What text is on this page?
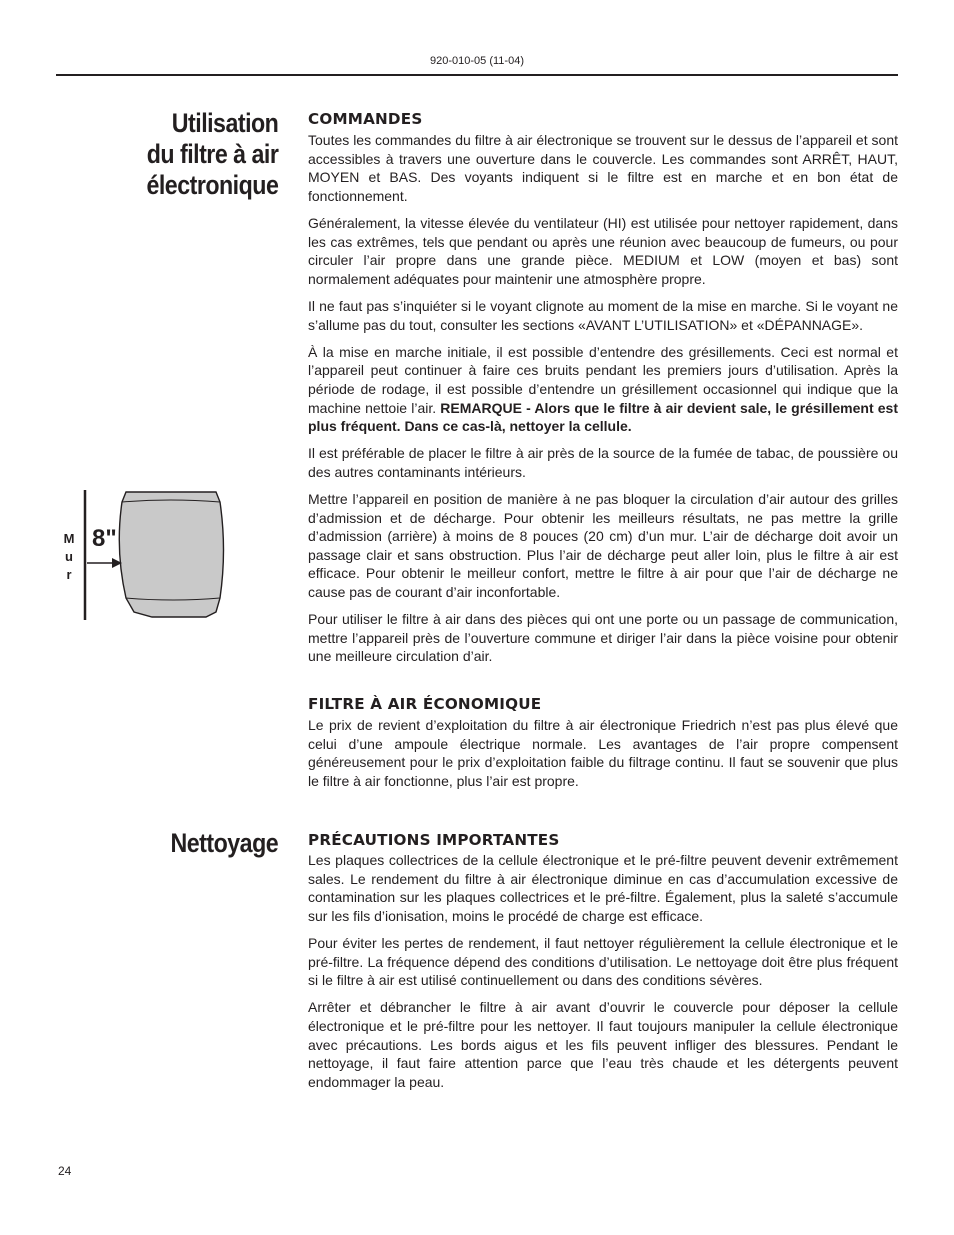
920-010-05 (11-04)
Utilisation
du filtre à air
électronique
Nettoyage
COMMANDES

Toutes les commandes du filtre à air électronique se trouvent sur le dessus de l’appareil et sont accessibles à travers une ouverture dans le couvercle. Les commandes sont ARRÊT, HAUT, MOYEN et BAS. Des voyants indiquent si le filtre est en marche et en bon état de fonctionnement.

Généralement, la vitesse élevée du ventilateur (HI) est utilisée pour nettoyer rapidement, dans les cas extrêmes, tels que pendant ou après une réunion avec beaucoup de fumeurs, ou pour circuler l’air propre dans une grande pièce. MEDIUM et LOW (moyen et bas) sont normalement adéquates pour maintenir une atmosphère propre.

Il ne faut pas s’inquiéter si le voyant clignote au moment de la mise en marche. Si le voyant ne s’allume pas du tout, consulter les sections «AVANT L’UTILISATION» et «DÉPANNAGE».

À la mise en marche initiale, il est possible d’entendre des grésillements. Ceci est normal et l’appareil peut continuer à faire ces bruits pendant les premiers jours d’utilisation. Après la période de rodage, il est possible d’entendre un grésillement occasionnel qui indique que la machine nettoie l’air. REMARQUE - Alors que le filtre à air devient sale, le grésillement est plus fréquent. Dans ce cas-là, nettoyer la cellule.

Il est préférable de placer le filtre à air près de la source de la fumée de tabac, de poussière ou des autres contaminants intérieurs.

Mettre l’appareil en position de manière à ne pas bloquer la circulation d’air autour des grilles d’admission et de décharge. Pour obtenir les meilleurs résultats, ne pas mettre la grille d’admission (arrière) à moins de 8 pouces (20 cm) d’un mur. L’air de décharge doit avoir un passage clair et sans obstruction. Plus l’air de décharge peut aller loin, plus le filtre à air est efficace. Pour obtenir le meilleur confort, mettre le filtre à air pour que l’air de décharge ne cause pas de courant d’air inconfortable.

Pour utiliser le filtre à air dans des pièces qui ont une porte ou un passage de communication, mettre l’appareil près de l’ouverture commune et diriger l’air dans la pièce voisine pour obtenir une meilleure circulation d’air.

FILTRE À AIR ÉCONOMIQUE

Le prix de revient d’exploitation du filtre à air électronique Friedrich n’est pas plus élevé que celui d’une ampoule électrique normale. Les avantages de l’air propre compensent généreusement pour le prix d’exploitation faible du filtrage continu. Il faut se souvenir que plus le filtre à air fonctionne, plus l’air est propre.

PRÉCAUTIONS IMPORTANTES

Les plaques collectrices de la cellule électronique et le pré-filtre peuvent devenir extrêmement sales. Le rendement du filtre à air électronique diminue en cas d’accumulation excessive de contamination sur les plaques collectrices et le pré-filtre. Également, plus la saleté s’accumule sur les fils d’ionisation, moins le procédé de charge est efficace.

Pour éviter les pertes de rendement, il faut nettoyer régulièrement la cellule électronique et le pré-filtre. La fréquence dépend des conditions d’utilisation. Le nettoyage doit être plus fréquent si le filtre à air est utilisé continuellement ou dans des conditions sévères.

Arrêter et débrancher le filtre à air avant d’ouvrir le couvercle pour déposer la cellule électronique et le pré-filtre pour les nettoyer. Il faut toujours manipuler la cellule électronique avec précautions. Les bords aigus et les fils peuvent infliger des blessures. Pendant le nettoyage, il faut faire attention parce que l’eau très chaude et les détergents peuvent endommager la peau.

M
u
r
8"
24
